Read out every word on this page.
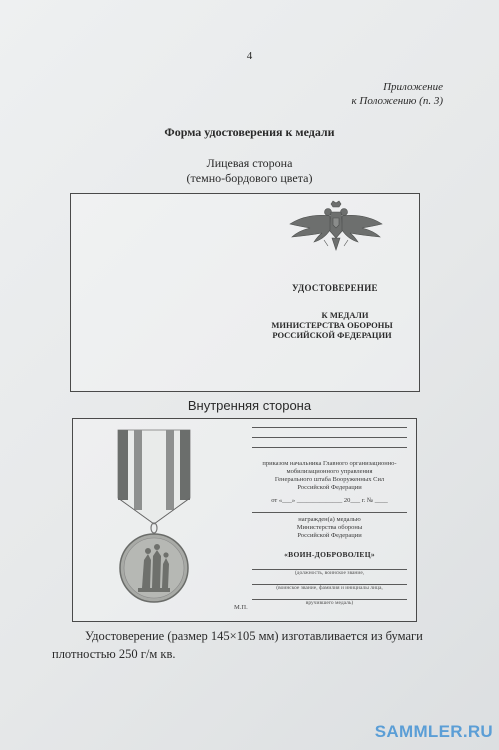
4
Приложение
к Положению (п. 3)
Форма удостоверения к медали
Лицевая сторона
(темно-бордового цвета)
УДОСТОВЕРЕНИЕ
К МЕДАЛИ
МИНИСТЕРСТВА ОБОРОНЫ
РОССИЙСКОЙ ФЕДЕРАЦИИ
Внутренняя сторона
приказом начальника Главного организационно-
мобилизационного управления
Генерального штаба Вооруженных Сил
Российской Федерации
от «___» ______________ 20___ г. № ____
награжден(а) медалью
Министерства обороны
Российской Федерации
«ВОИН-ДОБРОВОЛЕЦ»
(должность, воинское звание,
(воинское звание, фамилия и инициалы лица,
вручившего медаль)
М.П.
Удостоверение (размер 145×105 мм) изготавливается из бумаги
плотностью 250 г/м кв.
SAMMLER.RU
